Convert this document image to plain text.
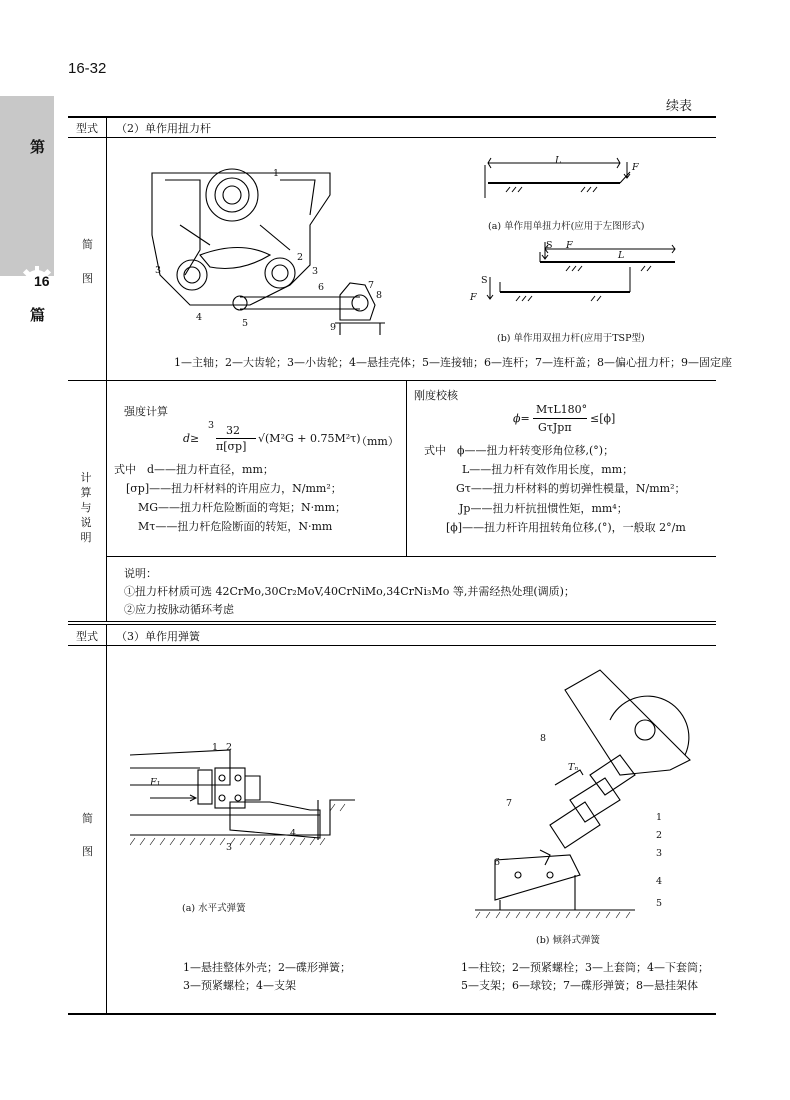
16-32
第
16
篇
续表
型式 （2）单作用扭力杆
简
图
1
2
3	3
4
5
6	7
8
9
L
F
(a) 单作用单扭力杆(应用于左图形式)
S F
L
S
F
(b) 单作用双扭力杆(应用于TSP型)
1—主轴；2—大齿轮；3—小齿轮；4—悬挂壳体；5—连接轴；6—连杆；7—连杆盖；8—偏心扭力杆；9—固定座
计
算
与
说
明
强度计算
d≥
3 32
π[σp]
√(M²G + 0.75M²τ)
（mm）
式中　d——扭力杆直径，mm；
[σp]——扭力杆材料的许用应力，N/mm²；
MG——扭力杆危险断面的弯矩；N·mm；
Mτ——扭力杆危险断面的转矩，N·mm
刚度校核
ϕ=
MτL180°
GτJpπ
≤[ϕ]
式中　ϕ——扭力杆转变形角位移,(°)；
L——扭力杆有效作用长度，mm；
Gτ——扭力杆材料的剪切弹性模量，N/mm²；
Jp——扭力杆抗扭惯性矩，mm⁴；
[ϕ]——扭力杆许用扭转角位移,(°)，一般取 2°/m
说明：
①扭力杆材质可选 42CrMo,30Cr₂MoV,40CrNiMo,34CrNi₃Mo 等,并需经热处理(调质)；
②应力按脉动循环考虑
型式 （3）单作用弹簧
简
图
F₁
1 2
3
4
(a) 水平式弹簧
8
Tₙ
1
2
3
4
5
6
7
(b) 倾斜式弹簧
1—悬挂整体外壳；2—碟形弹簧；
3—预紧螺栓；4—支架
1—柱铰；2—预紧螺栓；3—上套筒；4—下套筒；
5—支架；6—球铰；7—碟形弹簧；8—悬挂架体
